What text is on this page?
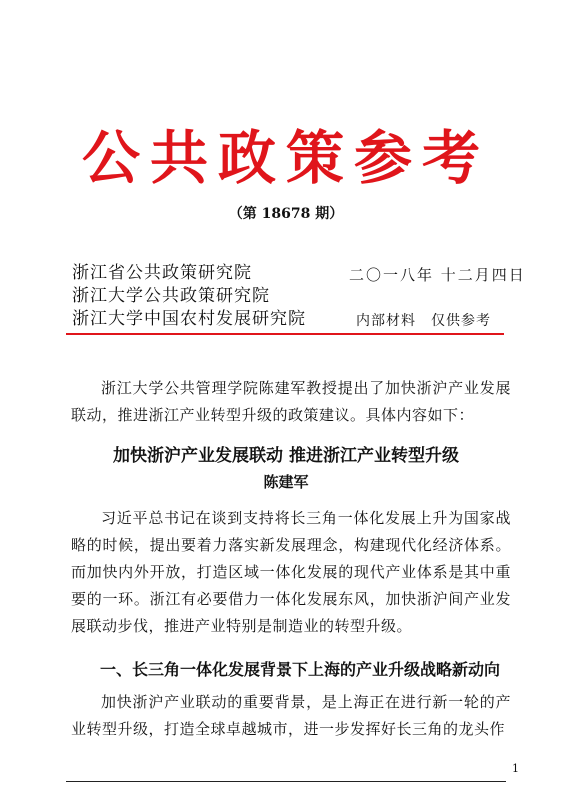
公共政策参考
（第 18678 期）
浙江省公共政策研究院
浙江大学公共政策研究院
浙江大学中国农村发展研究院
二〇一八年 十二月四日
内部材料　仅供参考
浙江大学公共管理学院陈建军教授提出了加快浙沪产业发展联动，推进浙江产业转型升级的政策建议。具体内容如下：
加快浙沪产业发展联动 推进浙江产业转型升级
陈建军
习近平总书记在谈到支持将长三角一体化发展上升为国家战略的时候，提出要着力落实新发展理念，构建现代化经济体系。而加快内外开放，打造区域一体化发展的现代产业体系是其中重要的一环。浙江有必要借力一体化发展东风，加快浙沪间产业发展联动步伐，推进产业特别是制造业的转型升级。
一、长三角一体化发展背景下上海的产业升级战略新动向
加快浙沪产业联动的重要背景，是上海正在进行新一轮的产业转型升级，打造全球卓越城市，进一步发挥好长三角的龙头作
1
